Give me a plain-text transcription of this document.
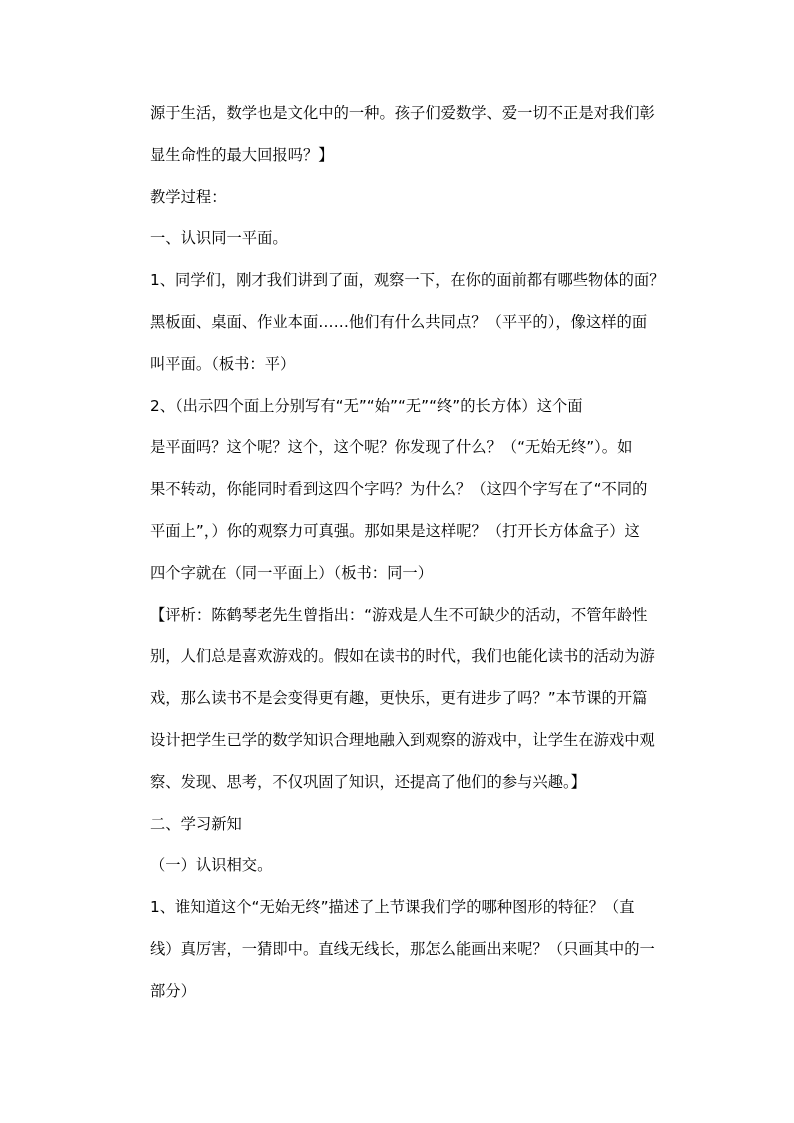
源于生活，数学也是文化中的一种。孩子们爱数学、爱一切不正是对我们彰
显生命性的最大回报吗？】
教学过程：
一、认识同一平面。
1、同学们，刚才我们讲到了面，观察一下，在你的面前都有哪些物体的面？
黑板面、桌面、作业本面……他们有什么共同点？（平平的），像这样的面
叫平面。（板书：平）
2、（出示四个面上分别写有“无”“始”“无”“终”的长方体）这个面
是平面吗？这个呢？这个，这个呢？你发现了什么？（“无始无终”）。如
果不转动，你能同时看到这四个字吗？为什么？（这四个字写在了“不同的
平面上”，）你的观察力可真强。那如果是这样呢？（打开长方体盒子）这
四个字就在（同一平面上）（板书：同一）
【评析：陈鹤琴老先生曾指出：“游戏是人生不可缺少的活动，不管年龄性
别，人们总是喜欢游戏的。假如在读书的时代，我们也能化读书的活动为游
戏，那么读书不是会变得更有趣，更快乐，更有进步了吗？”本节课的开篇
设计把学生已学的数学知识合理地融入到观察的游戏中，让学生在游戏中观
察、发现、思考，不仅巩固了知识，还提高了他们的参与兴趣。】
二、学习新知
（一）认识相交。
1、谁知道这个“无始无终”描述了上节课我们学的哪种图形的特征？（直
线）真厉害，一猜即中。直线无线长，那怎么能画出来呢？（只画其中的一
部分）
